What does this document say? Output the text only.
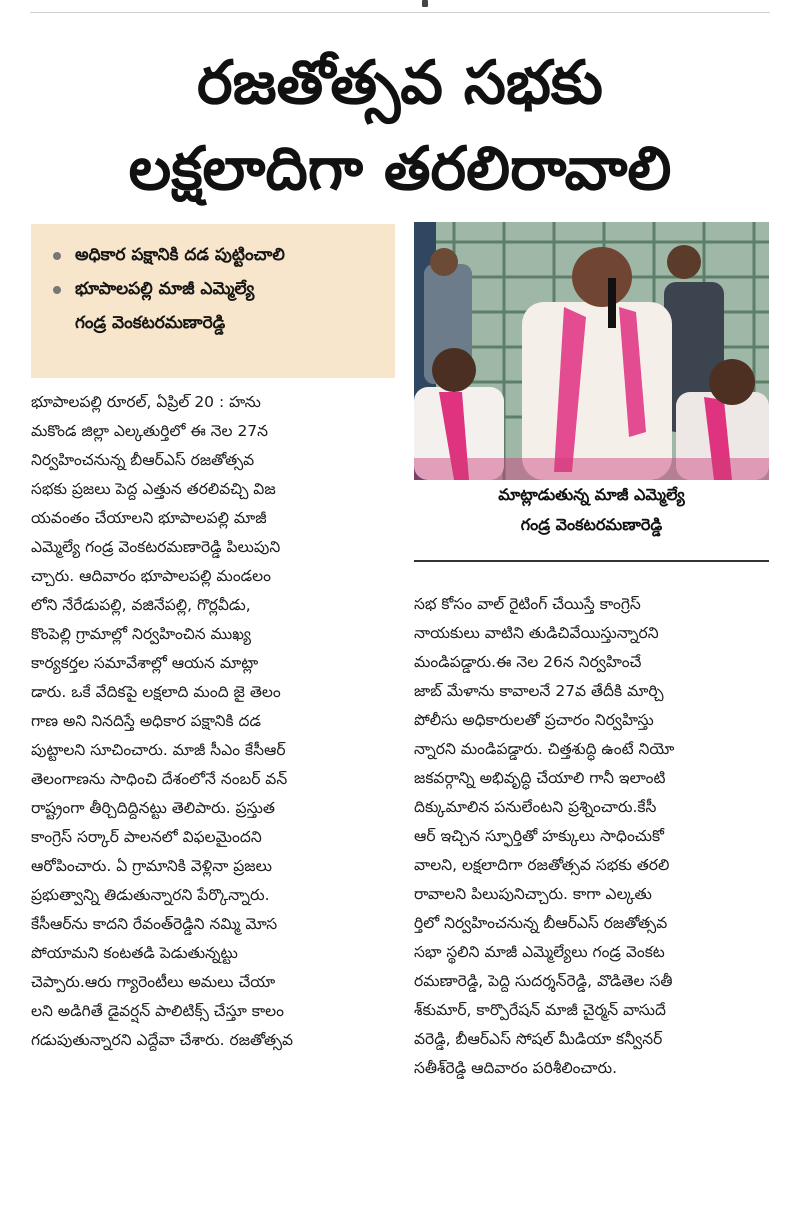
రజతోత్సవ సభకు
లక్షలాదిగా తరలిరావాలి
అధికార పక్షానికి దడ పుట్టించాలి
భూపాలపల్లి మాజీ ఎమ్మెల్యే
గండ్ర వెంకటరమణారెడ్డి
మాట్లాడుతున్న మాజీ ఎమ్మెల్యే
గండ్ర వెంకటరమణారెడ్డి
భూపాలపల్లి రూరల్, ఏప్రిల్ 20 : హను
మకొండ జిల్లా ఎల్కతుర్తిలో ఈ నెల 27న
నిర్వహించనున్న బీఆర్ఎస్ రజతోత్సవ
సభకు ప్రజలు పెద్ద ఎత్తున తరలివచ్చి విజ
యవంతం చేయాలని భూపాలపల్లి మాజీ
ఎమ్మెల్యే గండ్ర వెంకటరమణారెడ్డి పిలుపుని
చ్చారు. ఆదివారం భూపాలపల్లి మండలం
లోని నేరేడుపల్లి, వజినేపల్లి, గొర్లవీడు,
కొంపెల్లి గ్రామాల్లో నిర్వహించిన ముఖ్య
కార్యకర్తల సమావేశాల్లో ఆయన మాట్లా
డారు. ఒకే వేదికపై లక్షలాది మంది జై తెలం
గాణ అని నినదిస్తే అధికార పక్షానికి దడ
పుట్టాలని సూచించారు. మాజీ సీఎం కేసీఆర్
తెలంగాణను సాధించి దేశంలోనే నంబర్ వన్
రాష్ట్రంగా తీర్చిదిద్దినట్టు తెలిపారు. ప్రస్తుత
కాంగ్రెస్ సర్కార్ పాలనలో విఫలమైందని
ఆరోపించారు. ఏ గ్రామానికి వెళ్లినా ప్రజలు
ప్రభుత్వాన్ని తిడుతున్నారని పేర్కొన్నారు.
కేసీఆర్‌ను కాదని రేవంత్‌రెడ్డిని నమ్మి మోస
పోయామని కంటతడి పెడుతున్నట్టు
చెప్పారు.ఆరు గ్యారెంటీలు అమలు చేయా
లని అడిగితే డైవర్షన్ పాలిటిక్స్ చేస్తూ కాలం
గడుపుతున్నారని ఎద్దేవా చేశారు. రజతోత్సవ
సభ కోసం వాల్ రైటింగ్ చేయిస్తే కాంగ్రెస్
నాయకులు వాటిని తుడిచివేయిస్తున్నారని
మండిపడ్డారు.ఈ నెల 26న నిర్వహించే
జాబ్ మేళాను కావాలనే 27వ తేదీకి మార్చి
పోలీసు అధికారులతో ప్రచారం నిర్వహిస్తు
న్నారని మండిపడ్డారు. చిత్తశుద్ధి ఉంటే నియో
జకవర్గాన్ని అభివృద్ధి చేయాలి గానీ ఇలాంటి
దిక్కుమాలిన పనులేంటని ప్రశ్నించారు.కేసీ
ఆర్ ఇచ్చిన స్ఫూర్తితో హక్కులు సాధించుకో
వాలని, లక్షలాదిగా రజతోత్సవ సభకు తరలి
రావాలని పిలుపునిచ్చారు. కాగా ఎల్కతు
ర్తిలో నిర్వహించనున్న బీఆర్ఎస్ రజతోత్సవ
సభా స్థలిని మాజీ ఎమ్మెల్యేలు గండ్ర వెంకట
రమణారెడ్డి, పెద్ది సుదర్శన్‌రెడ్డి, వొడితెల సతీ
శ్‌కుమార్, కార్పొరేషన్ మాజీ చైర్మన్ వాసుదే
వరెడ్డి, బీఆర్ఎస్ సోషల్ మీడియా కన్వీనర్
సతీశ్‌రెడ్డి ఆదివారం పరిశీలించారు.
